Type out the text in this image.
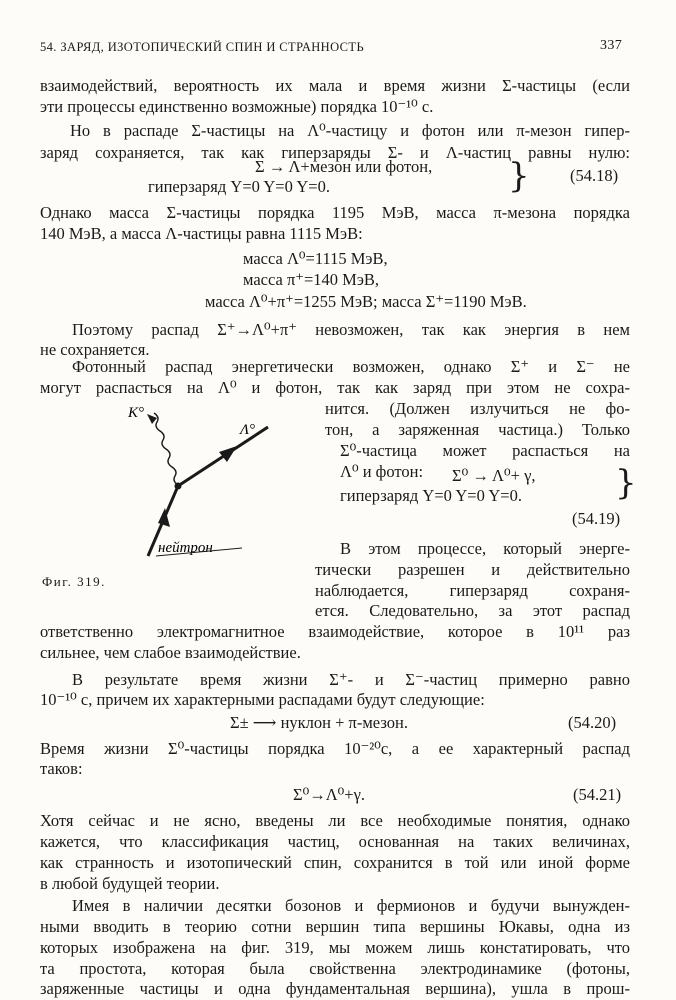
54. ЗАРЯД, ИЗОТОПИЧЕСКИЙ СПИН И СТРАННОСТЬ	337
взаимодействий, вероятность их мала и время жизни Σ-частицы (если
эти процессы единственно возможные) порядка 10⁻¹⁰ с.
Но в распаде Σ-частицы на Λ⁰-частицу и фотон или π-мезон гипер-
заряд сохраняется, так как гиперзаряды Σ- и Λ-частиц равны нулю:
Σ → Λ+мезон или фотон,
гиперзаряд Y=0 Y=0 Y=0.	} (54.18)
Однако масса Σ-частицы порядка 1195 МэВ, масса π-мезона порядка
140 МэВ, а масса Λ-частицы равна 1115 МэВ:
масса Λ⁰=1115 МэВ,
масса π⁺=140 МэВ,
масса Λ⁰+π⁺=1255 МэВ; масса Σ⁺=1190 МэВ.
Поэтому распад Σ⁺→Λ⁰+π⁺ невозможен, так как энергия в нем
не сохраняется.
Фотонный распад энергетически возможен, однако Σ⁺ и Σ⁻ не
могут распасться на Λ⁰ и фотон, так как заряд при этом не сохра-
нится. (Должен излучиться не фо-
тон, а заряженная частица.) Только
Σ⁰-частица может распасться на
Λ⁰ и фотон: Σ⁰ → Λ⁰+ γ,
гиперзаряд Y=0 Y=0 Y=0.	}
(54.19)
В этом процессе, который энерге-
тически разрешен и действительно
наблюдается, гиперзаряд сохраня-
ется. Следовательно, за этот распад
ответственно электромагнитное взаимодействие, которое в 10¹¹ раз
сильнее, чем слабое взаимодействие.
K°
Λ°
нейтрон
Фиг. 319.
В результате время жизни Σ⁺- и Σ⁻-частиц примерно равно
10⁻¹⁰ с, причем их характерными распадами будут следующие:
Σ± ⟶ нуклон + π-мезон.	(54.20)
Время жизни Σ⁰-частицы порядка 10⁻²⁰с, а ее характерный распад
таков:
Σ⁰→Λ⁰+γ.	(54.21)
Хотя сейчас и не ясно, введены ли все необходимые понятия, однако
кажется, что классификация частиц, основанная на таких величинах,
как странность и изотопический спин, сохранится в той или иной форме
в любой будущей теории.
Имея в наличии десятки бозонов и фермионов и будучи вынужден-
ными вводить в теорию сотни вершин типа вершины Юкавы, одна из
которых изображена на фиг. 319, мы можем лишь констатировать, что
та простота, которая была свойственна электродинамике (фотоны,
заряженные частицы и одна фундаментальная вершина), ушла в прош-
